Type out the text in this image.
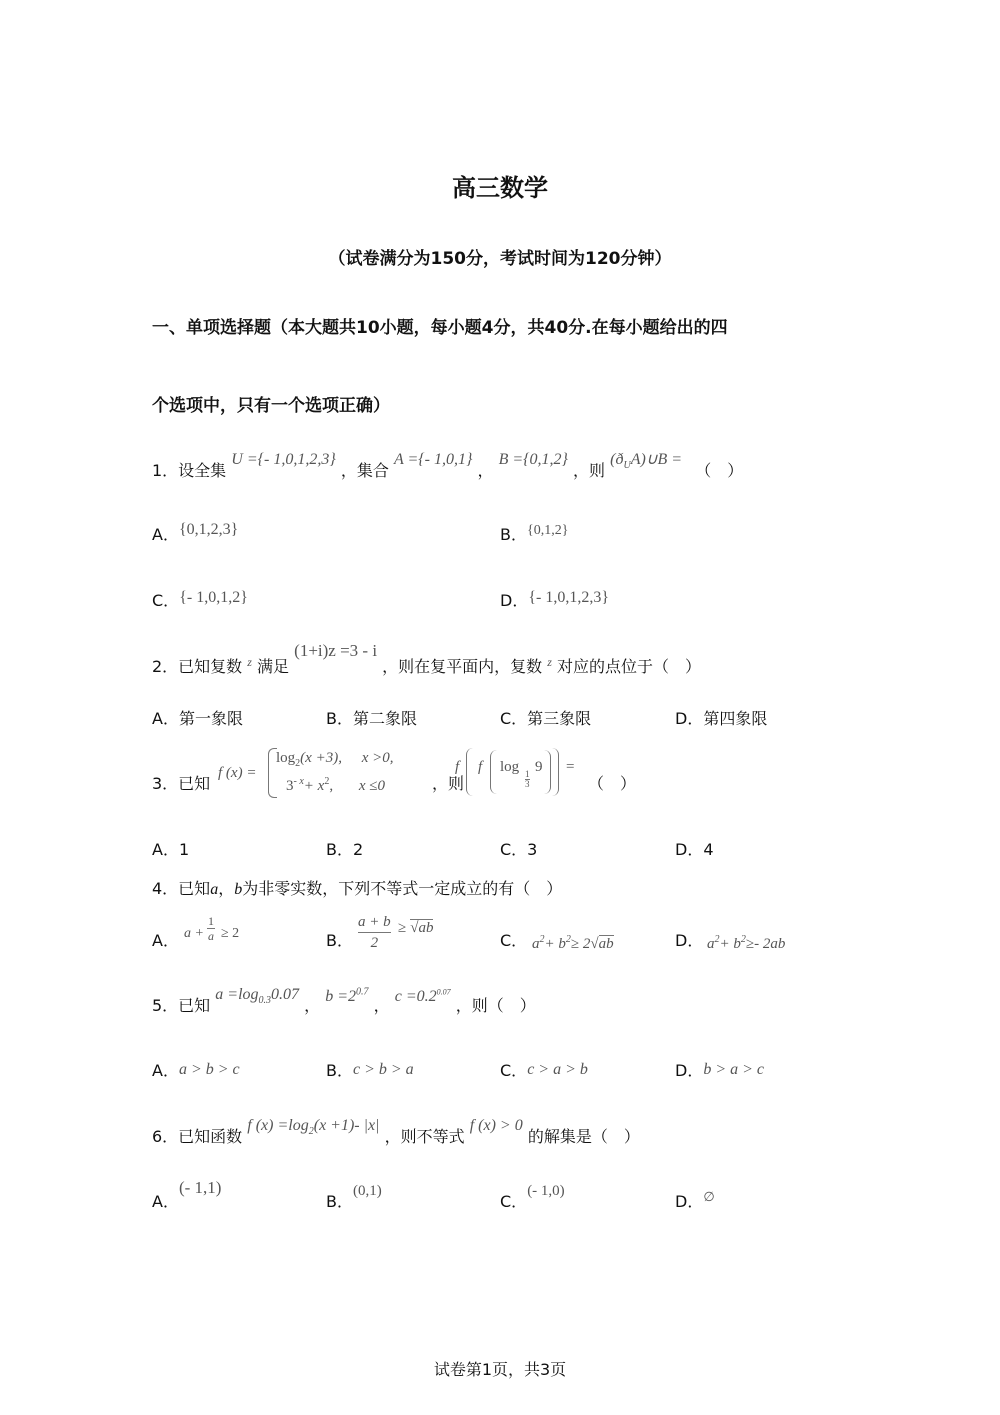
高三数学
（试卷满分为150分，考试时间为120分钟）
一、单项选择题（本大题共10小题，每小题4分，共40分.在每小题给出的四
个选项中，只有一个选项正确）
1．设全集 U ={- 1,0,1,2,3} ，集合 A ={- 1,0,1} ， B ={0,1,2} ，则 $(ð_UA)\cup B$ = （　）
A．{0,1,2,3}	B．{0,1,2}
C．{- 1,0,1,2}	D．{- 1,0,1,2,3}
2．已知复数 $^z$ 满足 (1+i)z =3 - i ，则在复平面内，复数 $^z$ 对应的点位于（　）
A．第一象限	B．第二象限	C．第三象限	D．第四象限
3．已知
f (x) =
$\log_2(x +3)$, x >0,
$3^{- x}+ x^2$, x ≤0	，则
f f log 1
3
9 =
（　）
A．1	B．2	C．3	D．4
4．已知a，b为非零实数，下列不等式一定成立的有（　）
A． a +
1
a ≥ 2	B．
a + b
2
≥ √ab
C． $a^2+ b^2\ge 2√ab$	D． $a^2+ b^2\ge-$ 2ab
5．已知 $a =\log_{0.3}0.07$ ， $b =2^{0.7}$ ， $c =0.2^{0.07}$ ，则（　）
A．a > b > c	B．c > b > a	C．c > a > b	D．b > a > c
6．已知函数 f $(x) =\log_2(x +1)-$ |x| ，则不等式 f (x) > 0 的解集是（　）
A．(- 1,1)
B．(0,1)
C．(- 1,0)
D．∅
试卷第1页，共3页
